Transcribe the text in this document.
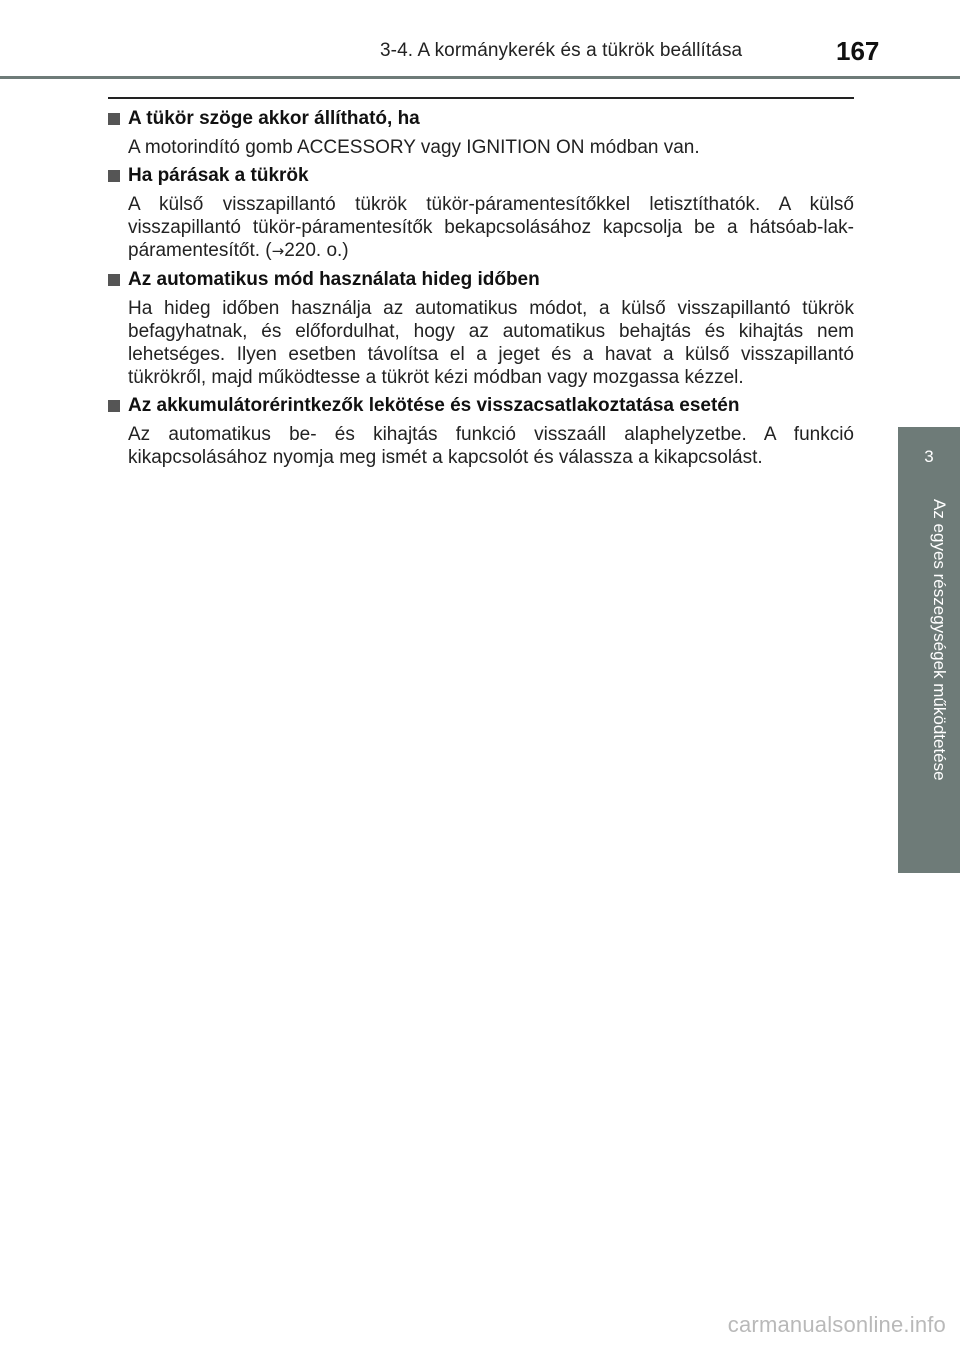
3-4. A kormánykerék és a tükrök beállítása	167
3
Az egyes részegységek működtetése
A tükör szöge akkor állítható, ha
A motorindító gomb ACCESSORY vagy IGNITION ON módban van.
Ha párásak a tükrök
A külső visszapillantó tükrök tükör-páramentesítőkkel letisztíthatók. A külső visszapillantó tükör-páramentesítők bekapcsolásához kapcsolja be a hátsóab-lak-páramentesítőt. (→220. o.)
Az automatikus mód használata hideg időben
Ha hideg időben használja az automatikus módot, a külső visszapillantó tükrök befagyhatnak, és előfordulhat, hogy az automatikus behajtás és kihajtás nem lehetséges. Ilyen esetben távolítsa el a jeget és a havat a külső visszapillantó tükrökről, majd működtesse a tükröt kézi módban vagy mozgassa kézzel.
Az akkumulátorérintkezők lekötése és visszacsatlakoztatása esetén
Az automatikus be- és kihajtás funkció visszaáll alaphelyzetbe. A funkció kikapcsolásához nyomja meg ismét a kapcsolót és válassza a kikapcsolást.
carmanualsonline.info
